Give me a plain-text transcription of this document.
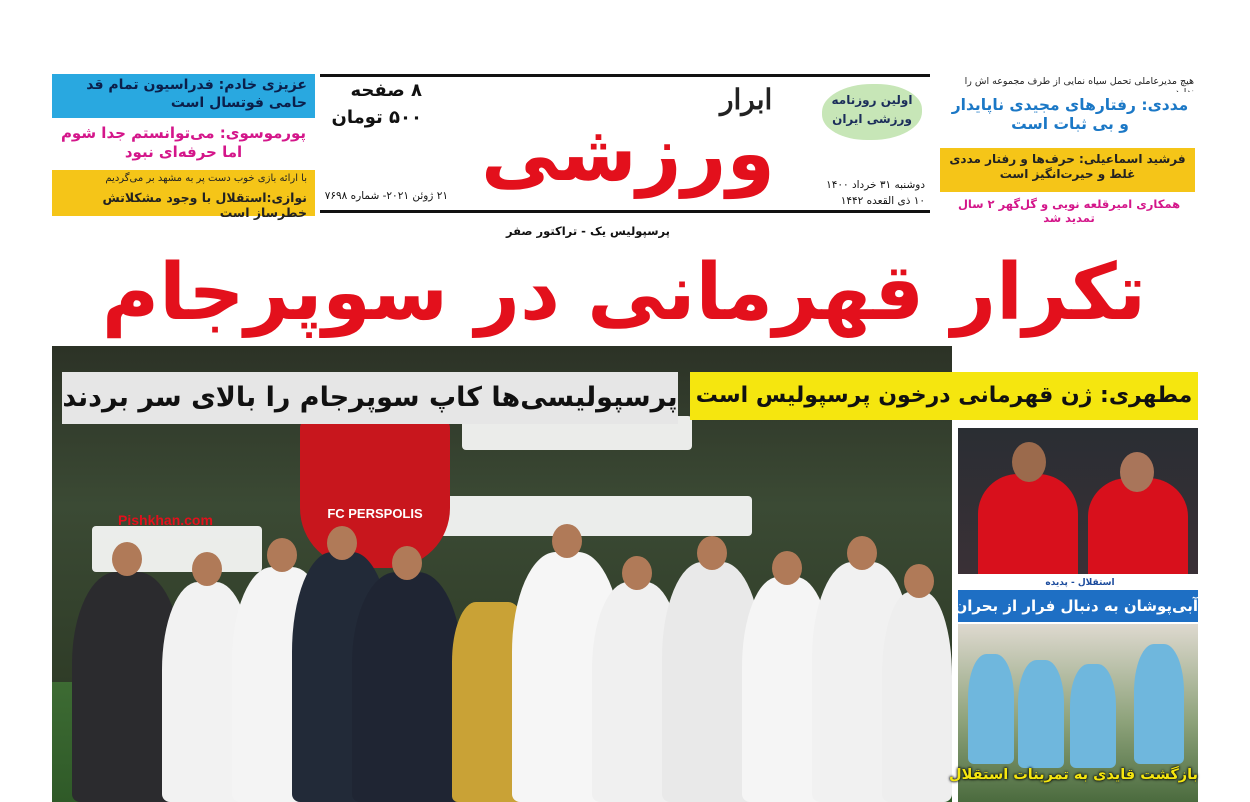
عزیزی خادم: فدراسیون تمام قد حامی فوتسال است
پورموسوی: می‌توانستم جدا شوم اما حرفه‌ای نبود
با ارائه بازی خوب دست پر به مشهد بر می‌گردیم
نوازی:استقلال با وجود مشکلاتش خطرساز است
۸ صفحه
۵۰۰ تومان
ابرار
ورزشی
اولین روزنامه
ورزشی ایران
۲۱ ژوئن ۲۰۲۱- شماره ۷۶۹۸
دوشنبه ۳۱ خرداد ۱۴۰۰
۱۰ ذی القعده ۱۴۴۲
هیچ مدیرعاملی تحمل سیاه نمایی از طرف مجموعه اش را
مددی: رفتارهای مجیدی ناپایدار و بی ثبات است
فرشید اسماعیلی: حرف‌ها و رفتار مددی غلط و حیرت‌انگیز است
همکاری امیرقلعه نویی و گل‌گهر ۲ سال تمدید شد
پرسپولیس یک - تراکتور صفر
تکرار قهرمانی در سوپرجام
FC PERSPOLIS
Pishkhan.com
پرسپولیسی‌ها کاپ سوپرجام را بالای سر بردند مطهری: ژن قهرمانی درخون پرسپولیس است
استقلال - پدیده
آبی‌پوشان به دنبال فرار از بحران
بازگشت قایدی به تمرینات استقلال
